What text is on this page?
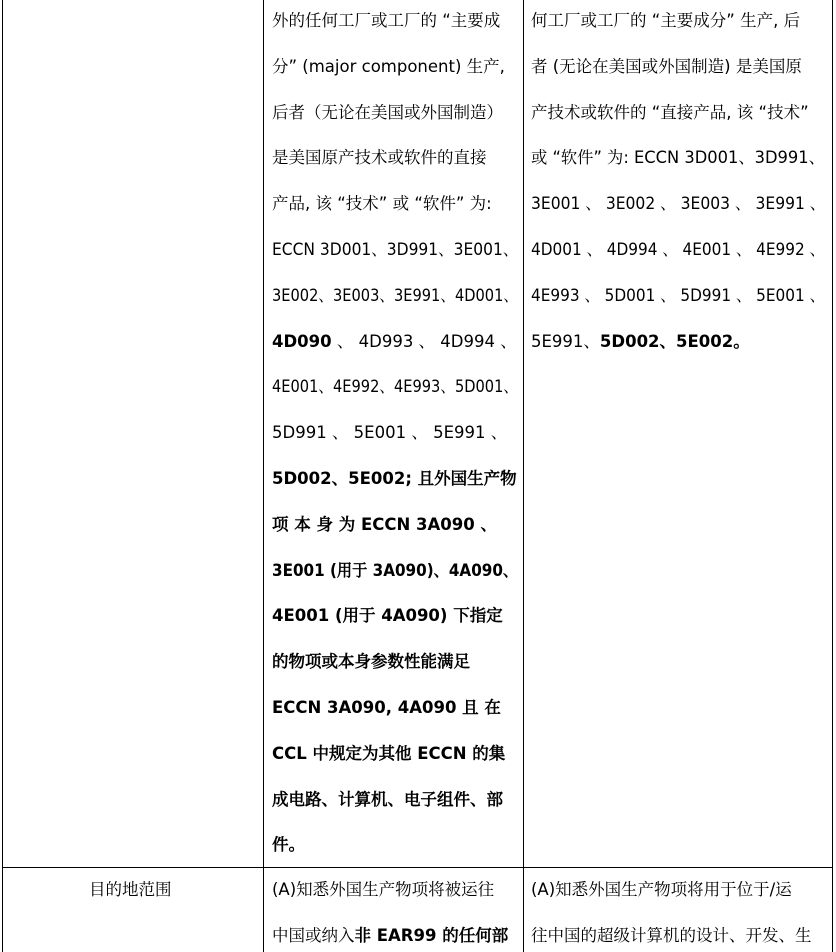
外的任何工厂或工厂的 “主要成
分” (major component) 生产,
后者（无论在美国或外国制造）
是美国原产技术或软件的直接
产品, 该 “技术” 或 “软件” 为:
ECCN 3D001、3D991、3E001、
3E002、3E003、3E991、4D001、
4D090 、 4D993 、 4D994 、
4E001、4E992、4E993、5D001、
5D991 、 5E001 、 5E991 、
5D002、5E002; 且外国生产物
项 本 身 为 ECCN 3A090 、
3E001 (用于 3A090)、4A090、
4E001 (用于 4A090) 下指定
的物项或本身参数性能满足
ECCN 3A090, 4A090 且 在
CCL 中规定为其他 ECCN 的集
成电路、计算机、电子组件、部
件。
何工厂或工厂的 “主要成分” 生产, 后
者 (无论在美国或外国制造) 是美国原
产技术或软件的 “直接产品, 该 “技术”
或 “软件” 为: ECCN 3D001、3D991、
3E001 、 3E002 、 3E003 、 3E991 、
4D001 、 4D994 、 4E001 、 4E992 、
4E993 、 5D001 、 5D991 、 5E001 、
5E991、5D002、5E002。
目的地范围	(A)知悉外国生产物项将被运往
中国或纳入非 EAR99 的任何部
(A)知悉外国生产物项将用于位于/运
往中国的超级计算机的设计、开发、生
